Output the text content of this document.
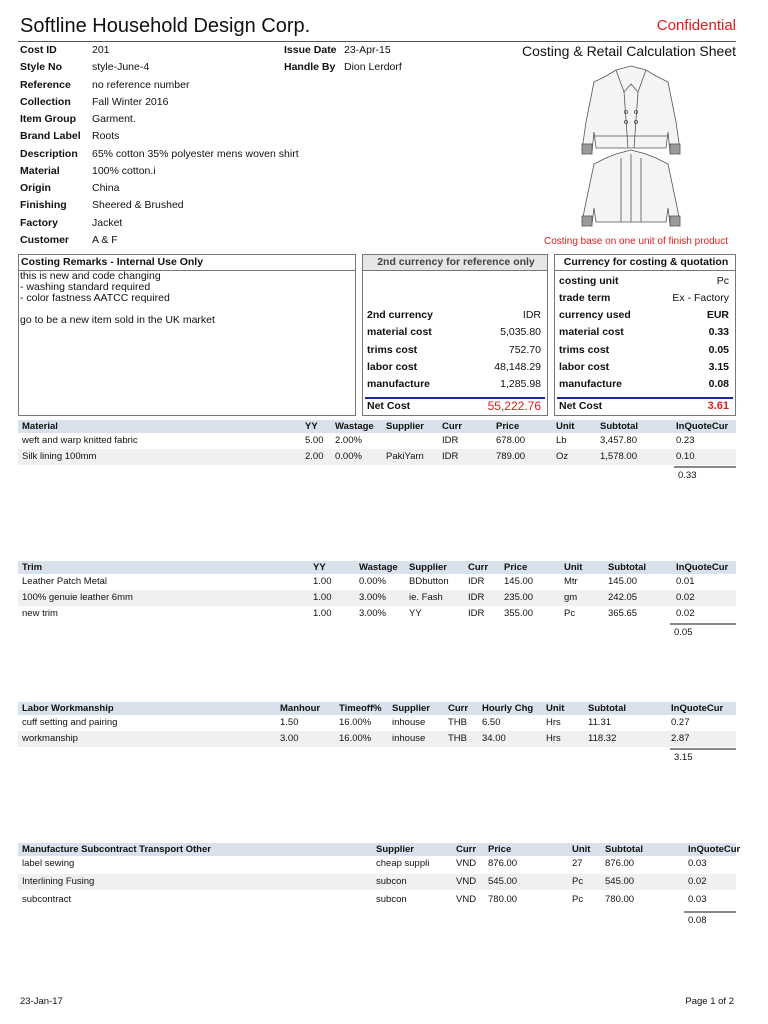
Softline Household Design Corp.	Confidential
Costing & Retail Calculation Sheet
Cost ID	201
Style No	style-June-4
Reference no reference number
Collection Fall Winter 2016
Item Group Garment.
Brand Label Roots
Description 65% cotton 35% polyester mens woven shirt
Material	100% cotton.i
Origin	China
Finishing Sheered & Brushed
Factory	Jacket
Customer A & F
Issue Date 23-Apr-15
Handle By Dion Lerdorf
Costing base on one unit of finish product
Costing Remarks - Internal Use Only
this is new and code changing
- washing standard required
- color fastness AATCC required
go to be a new item sold in the UK market
2nd currency for reference only
2nd currency	IDR
material cost	5,035.80
trims cost	752.70
labor cost	48,148.29
manufacture	1,285.98
Net Cost	55,222.76
Currency for costing & quotation
costing unit	Pc
trade term	Ex - Factory
currency used	EUR
material cost	0.33
trims cost	0.05
labor cost	3.15
manufacture	0.08
Net Cost	3.61
Material	YY Wastage Supplier Curr	Price	Unit	Subtotal	InQuoteCur
weft and warp knitted fabric	5.00 2.00%	IDR	678.00	Lb	3,457.80	0.23
Silk lining 100mm	2.00 0.00%	PakiYarn IDR	789.00	Oz	1,578.00	0.10
0.33
Trim	YY	Wastage Supplier Curr Price	Unit	Subtotal	InQuoteCur
Leather Patch Metal	1.00	0.00% BDbutton IDR 145.00	Mtr	145.00	0.01
100% genuie leather 6mm	1.00	3.00% ie. Fash	IDR 235.00	gm	242.05	0.02
new trim	1.00	3.00% YY	IDR 355.00	Pc	365.65	0.02
0.05
Labor Workmanship	Manhour Timeoff% Supplier Curr Hourly Chg Unit Subtotal	InQuoteCur
cuff setting and pairing	1.50	16.00% inhouse THB 6.50	Hrs	11.31	0.27
workmanship	3.00	16.00% inhouse THB 34.00	Hrs	118.32	2.87
3.15
Manufacture Subcontract Transport Other	Supplier	Curr Price	Unit Subtotal	InQuoteCur
label sewing	cheap suppli	VND 876.00	27 876.00	0.03
Interlining Fusing	subcon	VND 545.00	Pc 545.00	0.02
subcontract	subcon	VND 780.00	Pc 780.00	0.03
0.08
23-Jan-17	Page 1 of 2
